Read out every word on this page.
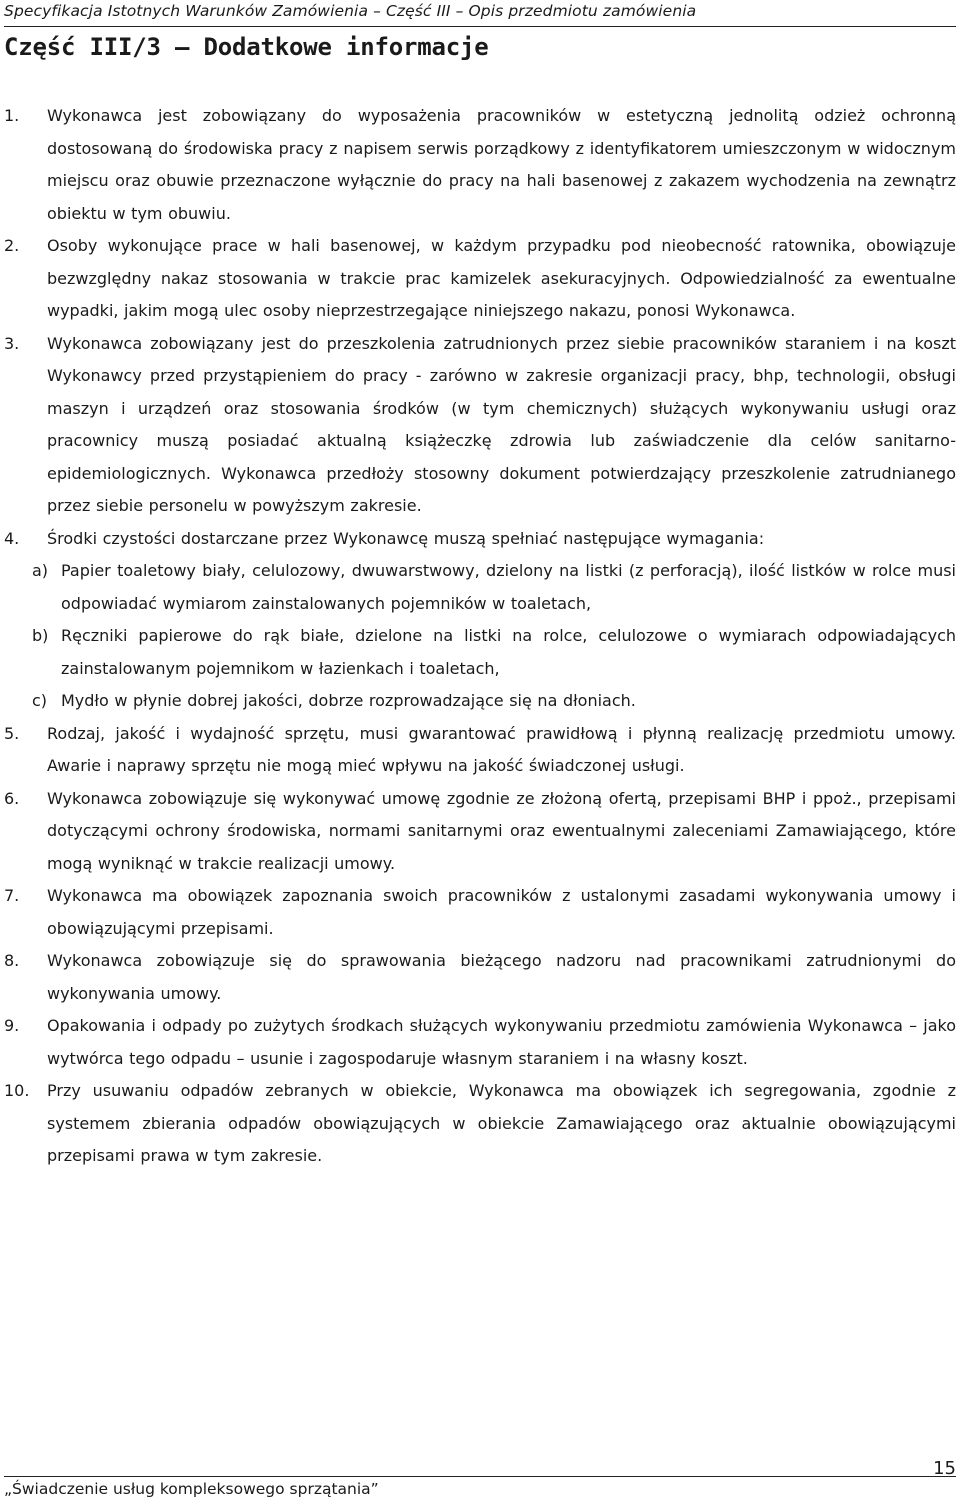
Specyfikacja Istotnych Warunków Zamówienia – Część III – Opis przedmiotu zamówienia
Część III/3 – Dodatkowe informacje
1. Wykonawca jest zobowiązany do wyposażenia pracowników w estetyczną jednolitą odzież ochronną dostosowaną do środowiska pracy z napisem serwis porządkowy z identyfikatorem umieszczonym w widocznym miejscu oraz obuwie przeznaczone wyłącznie do pracy na hali basenowej z zakazem wychodzenia na zewnątrz obiektu w tym obuwiu.
2. Osoby wykonujące prace w hali basenowej, w każdym przypadku pod nieobecność ratownika, obowiązuje bezwzględny nakaz stosowania w trakcie prac kamizelek asekuracyjnych. Odpowiedzialność za ewentualne wypadki, jakim mogą ulec osoby nieprzestrzegające niniejszego nakazu, ponosi Wykonawca.
3. Wykonawca zobowiązany jest do przeszkolenia zatrudnionych przez siebie pracowników staraniem i na koszt Wykonawcy przed przystąpieniem do pracy - zarówno w zakresie organizacji pracy, bhp, technologii, obsługi maszyn i urządzeń oraz stosowania środków (w tym chemicznych) służących wykonywaniu usługi oraz pracownicy muszą posiadać aktualną książeczkę zdrowia lub zaświadczenie dla celów sanitarno-epidemiologicznych. Wykonawca przedłoży stosowny dokument potwierdzający przeszkolenie zatrudnianego przez siebie personelu w powyższym zakresie.
4. Środki czystości dostarczane przez Wykonawcę muszą spełniać następujące wymagania:
a) Papier toaletowy biały, celulozowy, dwuwarstwowy, dzielony na listki (z perforacją), ilość listków w rolce musi odpowiadać wymiarom zainstalowanych pojemników w toaletach,
b) Ręczniki papierowe do rąk białe, dzielone na listki na rolce, celulozowe o wymiarach odpowiadających zainstalowanym pojemnikom w łazienkach i toaletach,
c) Mydło w płynie dobrej jakości, dobrze rozprowadzające się na dłoniach.
5. Rodzaj, jakość i wydajność sprzętu, musi gwarantować prawidłową i płynną realizację przedmiotu umowy. Awarie i naprawy sprzętu nie mogą mieć wpływu na jakość świadczonej usługi.
6. Wykonawca zobowiązuje się wykonywać umowę zgodnie ze złożoną ofertą, przepisami BHP i ppoż., przepisami dotyczącymi ochrony środowiska, normami sanitarnymi oraz ewentualnymi zaleceniami Zamawiającego, które mogą wyniknąć w trakcie realizacji umowy.
7. Wykonawca ma obowiązek zapoznania swoich pracowników z ustalonymi zasadami wykonywania umowy i obowiązującymi przepisami.
8. Wykonawca zobowiązuje się do sprawowania bieżącego nadzoru nad pracownikami zatrudnionymi do wykonywania umowy.
9. Opakowania i odpady po zużytych środkach służących wykonywaniu przedmiotu zamówienia Wykonawca – jako wytwórca tego odpadu – usunie i zagospodaruje własnym staraniem i na własny koszt.
10. Przy usuwaniu odpadów zebranych w obiekcie, Wykonawca ma obowiązek ich segregowania, zgodnie z systemem zbierania odpadów obowiązujących w obiekcie Zamawiającego oraz aktualnie obowiązującymi przepisami prawa w tym zakresie.
15
„Świadczenie usług kompleksowego sprzątania”
